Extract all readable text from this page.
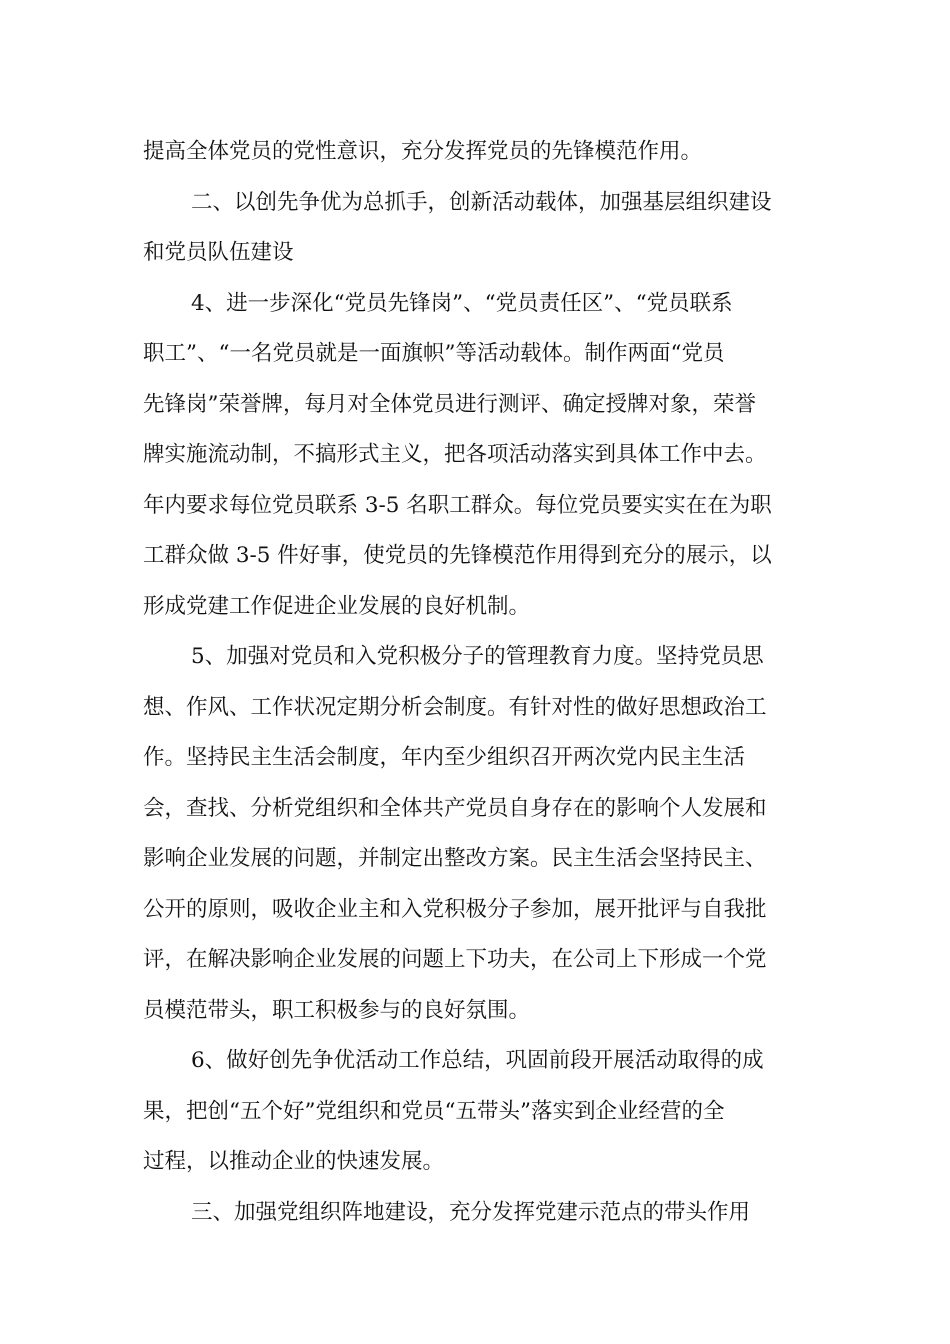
提高全体党员的党性意识，充分发挥党员的先锋模范作用。
二、以创先争优为总抓手，创新活动载体，加强基层组织建设
和党员队伍建设
4、进一步深化“党员先锋岗”、“党员责任区”、“党员联系
职工”、“一名党员就是一面旗帜”等活动载体。制作两面“党员
先锋岗”荣誉牌，每月对全体党员进行测评、确定授牌对象，荣誉
牌实施流动制，不搞形式主义，把各项活动落实到具体工作中去。
年内要求每位党员联系 3-5 名职工群众。每位党员要实实在在为职
工群众做 3-5 件好事，使党员的先锋模范作用得到充分的展示，以
形成党建工作促进企业发展的良好机制。
5、加强对党员和入党积极分子的管理教育力度。坚持党员思
想、作风、工作状况定期分析会制度。有针对性的做好思想政治工
作。坚持民主生活会制度，年内至少组织召开两次党内民主生活
会，查找、分析党组织和全体共产党员自身存在的影响个人发展和
影响企业发展的问题，并制定出整改方案。民主生活会坚持民主、
公开的原则，吸收企业主和入党积极分子参加，展开批评与自我批
评，在解决影响企业发展的问题上下功夫，在公司上下形成一个党
员模范带头，职工积极参与的良好氛围。
6、做好创先争优活动工作总结，巩固前段开展活动取得的成
果，把创“五个好”党组织和党员“五带头”落实到企业经营的全
过程，以推动企业的快速发展。
三、加强党组织阵地建设，充分发挥党建示范点的带头作用
